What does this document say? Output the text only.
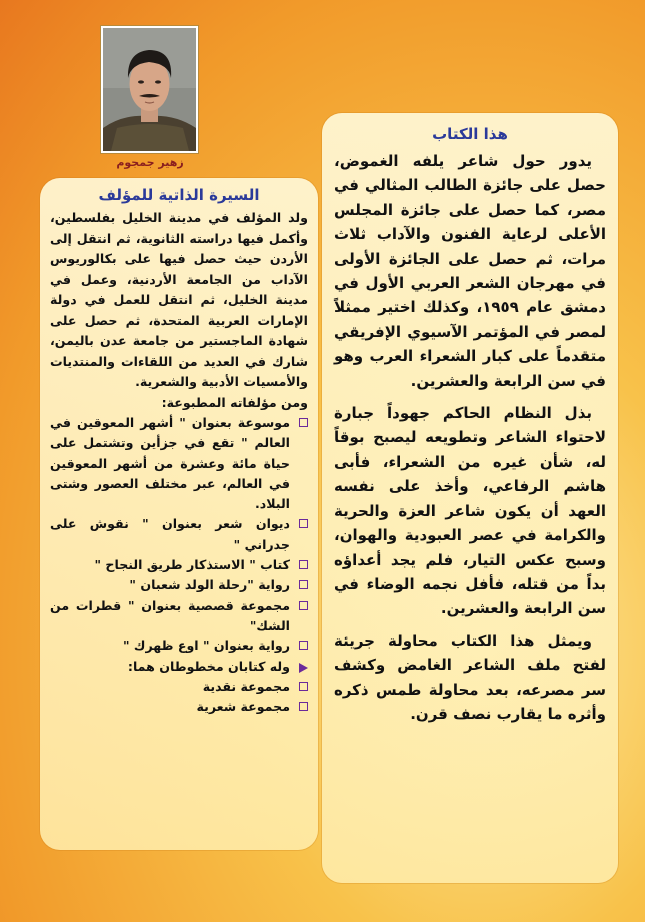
زهير جمجوم
هذا الكتاب

يدور حول شاعر يلفه الغموض، حصل على جائزة الطالب المثالي في مصر، كما حصل على جائزة المجلس الأعلى لرعاية الفنون والآداب ثلاث مرات، ثم حصل على الجائزة الأولى في مهرجان الشعر العربي الأول في دمشق عام ١٩٥٩، وكذلك اختير ممثلاً لمصر في المؤتمر الآسيوي الإفريقي متقدماً على كبار الشعراء العرب وهو في سن الرابعة والعشرين.

بذل النظام الحاكم جهوداً جبارة لاحتواء الشاعر وتطويعه ليصبح بوقاً له، شأن غيره من الشعراء، فأبى هاشم الرفاعي، وأخذ على نفسه العهد أن يكون شاعر العزة والحرية والكرامة في عصر العبودية والهوان، وسبح عكس التيار، فلم يجد أعداؤه بداً من قتله، فأفل نجمه الوضاء في سن الرابعة والعشرين.

ويمثل هذا الكتاب محاولة جريئة لفتح ملف الشاعر الغامض وكشف سر مصرعه، بعد محاولة طمس ذكره وأثره ما يقارب نصف قرن.

السيرة الذاتية للمؤلف

ولد المؤلف في مدينة الخليل بفلسطين، وأكمل فيها دراسته الثانوية، ثم انتقل إلى الأردن حيث حصل فيها على بكالوريوس الآداب من الجامعة الأردنية، وعمل في مدينة الخليل، ثم انتقل للعمل في دولة الإمارات العربية المتحدة، ثم حصل على شهادة الماجستير من جامعة عدن باليمن، شارك في العديد من اللقاءات والمنتديات والأمسيات الأدبية والشعرية.

ومن مؤلفاته المطبوعة:

موسوعة بعنوان " أشهر المعوقين في العالم " تقع في جزأين وتشتمل على حياة مائة وعشرة من أشهر المعوقين في العالم، عبر مختلف العصور وشتى البلاد.
ديوان شعر بعنوان " نقوش على جدراني "
كتاب " الاستذكار طريق النجاح "
رواية "رحلة الولد شعبان "
مجموعة قصصية بعنوان " قطرات من الشك"
رواية بعنوان " اوع ظهرك "
وله كتابان مخطوطان هما:
مجموعة نقدية
مجموعة شعرية
